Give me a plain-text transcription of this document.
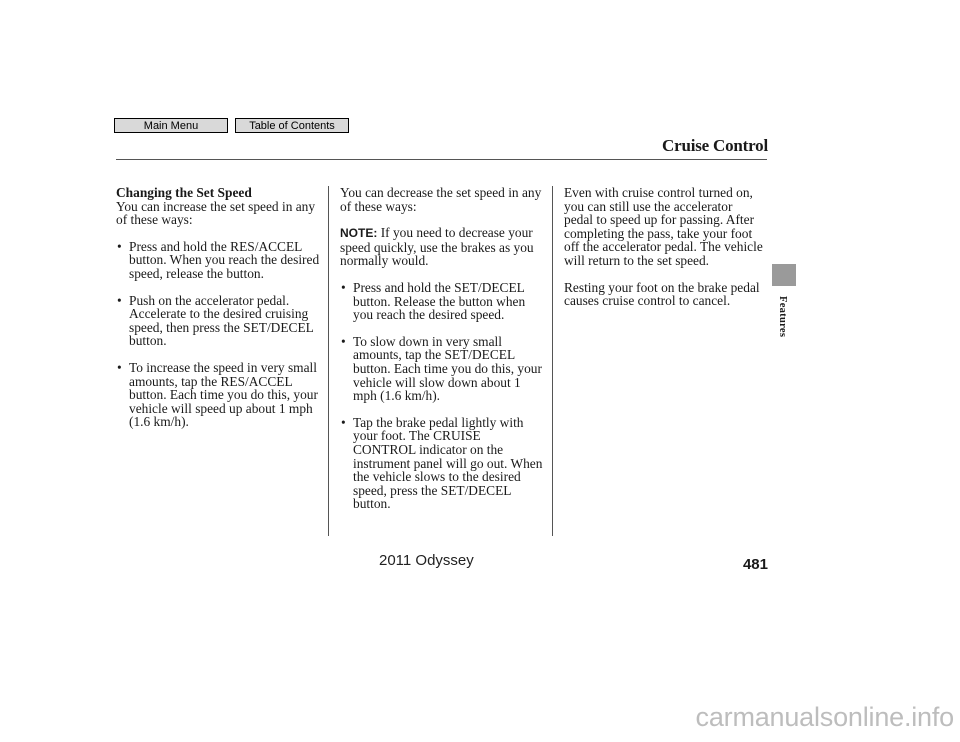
Main Menu	Table of Contents
Cruise Control
Changing the Set Speed

You can increase the set speed in any of these ways:

• Press and hold the RES/ACCEL button. When you reach the desired speed, release the button.
• Push on the accelerator pedal. Accelerate to the desired cruising speed, then press the SET/DECEL button.
• To increase the speed in very small amounts, tap the RES/ACCEL button. Each time you do this, your vehicle will speed up about 1 mph (1.6 km/h).

You can decrease the set speed in any of these ways:

NOTE: If you need to decrease your speed quickly, use the brakes as you normally would.

• Press and hold the SET/DECEL button. Release the button when you reach the desired speed.
• To slow down in very small amounts, tap the SET/DECEL button. Each time you do this, your vehicle will slow down about 1 mph (1.6 km/h).
• Tap the brake pedal lightly with your foot. The CRUISE CONTROL indicator on the instrument panel will go out. When the vehicle slows to the desired speed, press the SET/DECEL button.

Even with cruise control turned on, you can still use the accelerator pedal to speed up for passing. After completing the pass, take your foot off the accelerator pedal. The vehicle will return to the set speed.

Resting your foot on the brake pedal causes cruise control to cancel.	Features
2011 Odyssey	481
carmanualsonline.info
